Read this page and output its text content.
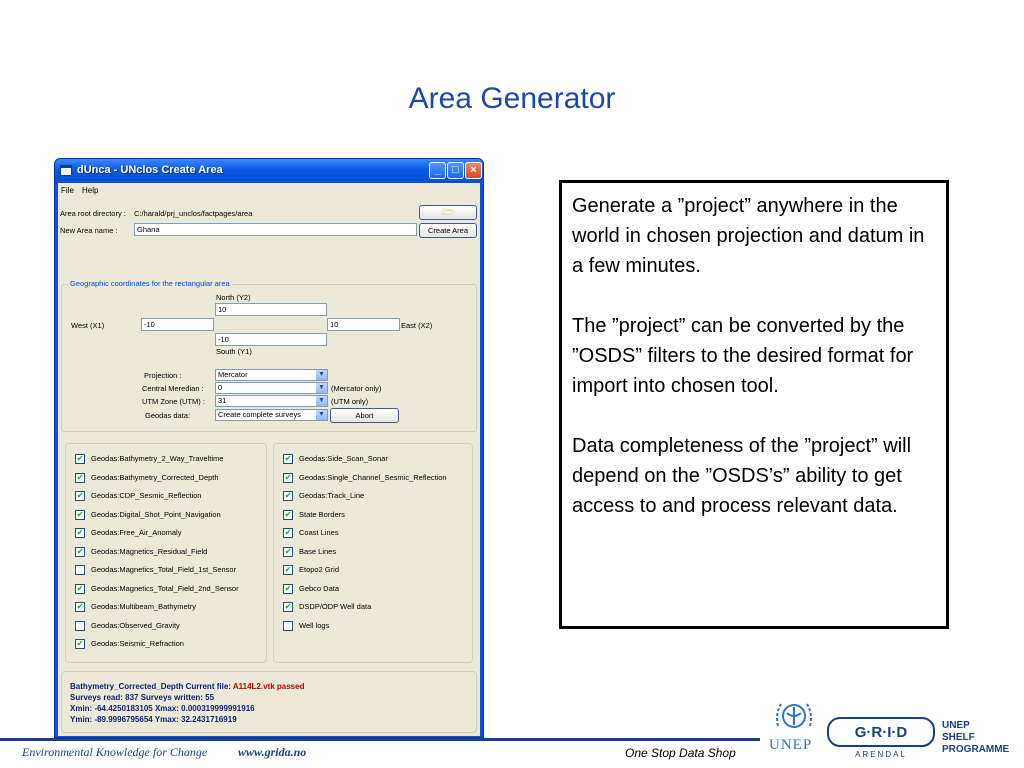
Area Generator
dUnca - UNclos Create Area	_	□	×
File Help
Area root directory : C:/harald/prj_unclos/factpages/area	🗁
New Area name :	Ghana	Create Area
Geographic coordinates for the rectangular area
North (Y2)
10
West (X1)	-10	10	East (X2)
-10
South (Y1)
Projection :	Mercator	▼
Central Meredian :	0	▼ (Mercator only)
UTM Zone (UTM) :	31	▼ (UTM only)
Geodas data:	Create complete surveys ▼	Abort
✔ Geodas:Bathymetry_2_Way_Traveltime
✔ Geodas:Bathymetry_Corrected_Depth
✔ Geodas:CDP_Sesmic_Reflection
✔ Geodas:Digital_Shot_Point_Navigation
✔ Geodas:Free_Air_Anomaly
✔ Geodas:Magnetics_Residual_Field
Geodas:Magnetics_Total_Field_1st_Sensor
✔ Geodas:Magnetics_Total_Field_2nd_Sensor
✔ Geodas:Multibeam_Bathymetry
Geodas:Observed_Gravity
✔ Geodas:Seismic_Refraction
✔ Geodas:Side_Scan_Sonar
✔ Geodas:Single_Channel_Sesmic_Reflection
✔ Geodas:Track_Line
✔ State Borders
✔ Coast Lines
✔ Base Lines
✔ Etopo2 Grid
✔ Gebco Data
✔ DSDP/ODP Well data
Well logs
Bathymetry_Corrected_Depth Current file: A114L2.vtk passed
Surveys read: 837 Surveys written: 55
Xmin: -64.4250183105 Xmax: 0.000319999991916
Ymin: -89.9996795654 Ymax: 32.2431716919

Generate a ”project” anywhere in the world in chosen projection and datum in a few minutes.

The ”project” can be converted by the ”OSDS” filters to the desired format for import into chosen tool.

Data completeness of the ”project” will depend on the ”OSDS’s” ability to get access to and process relevant data.

Environmental Knowledge for Change	www.grida.no	One Stop Data Shop UNEP
G·R·I·D
ARENDAL
UNEP
SHELF
PROGRAMME
